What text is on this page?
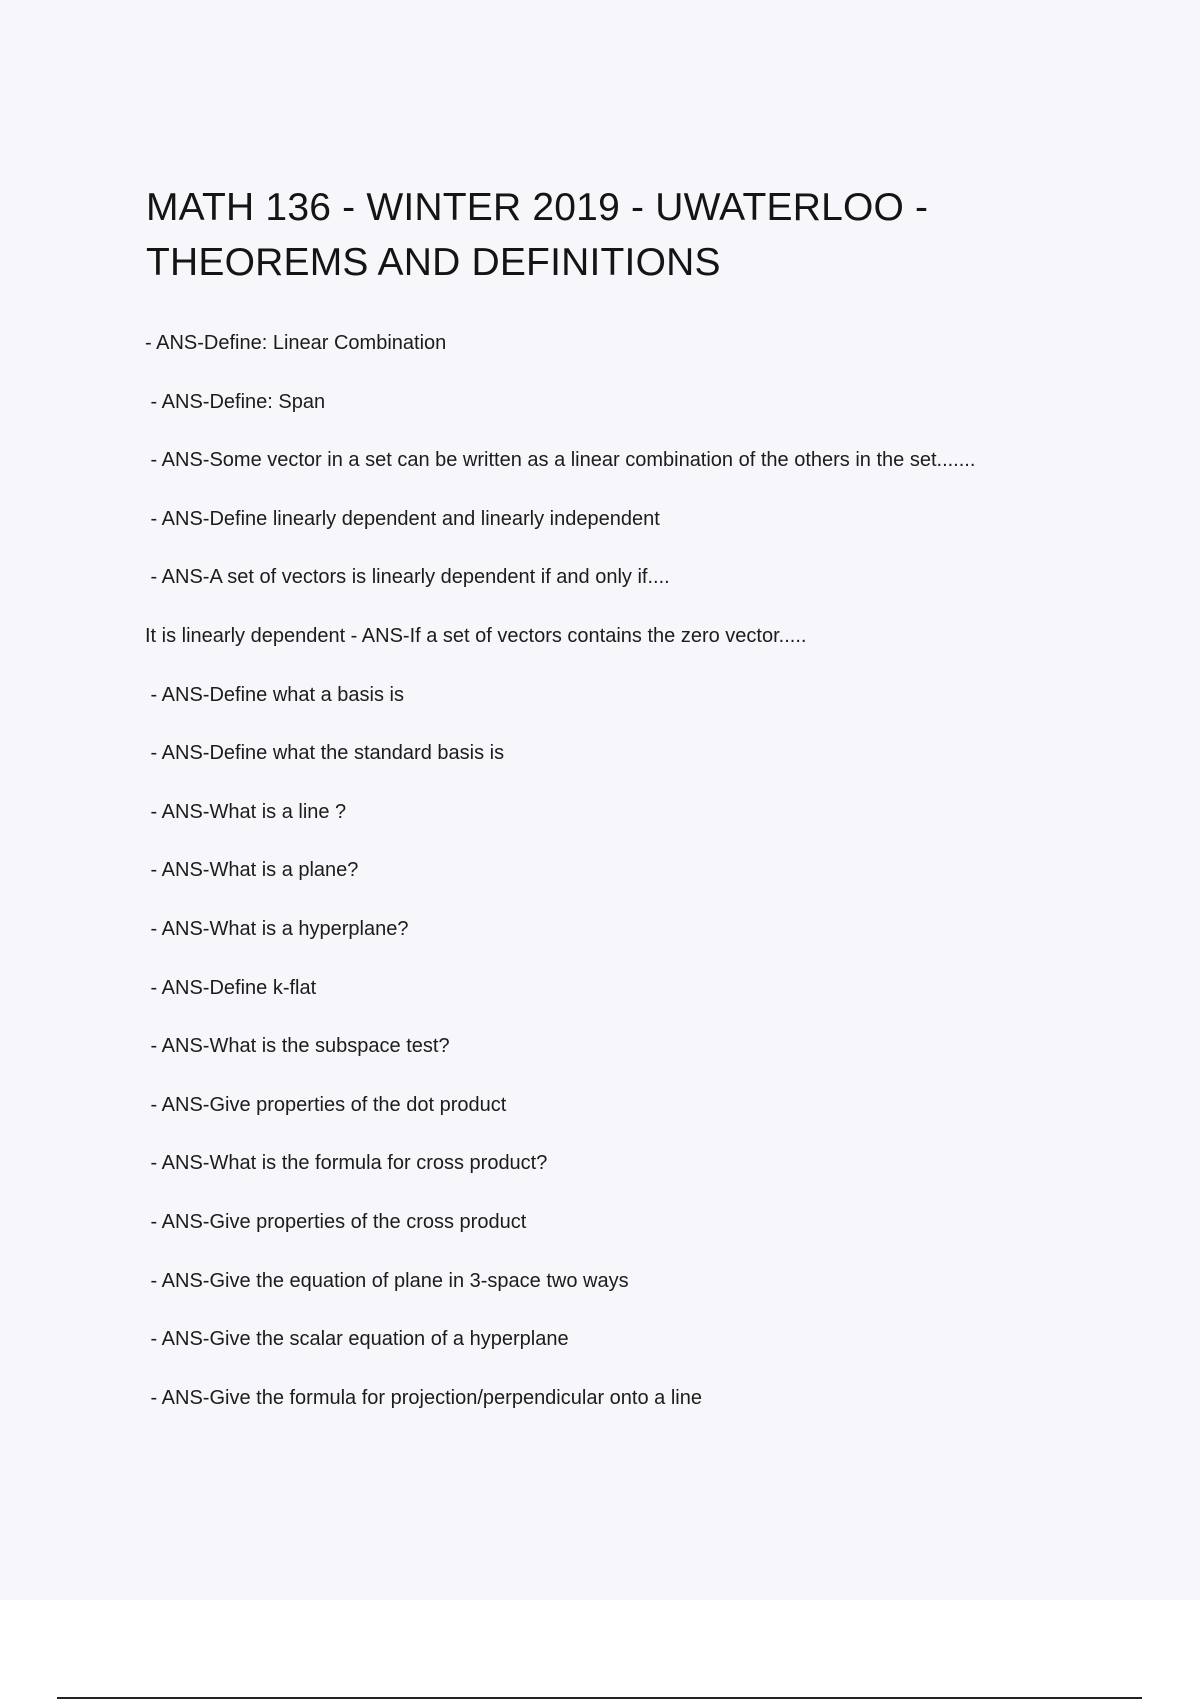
MATH 136 - WINTER 2019 - UWATERLOO -
THEOREMS AND DEFINITIONS
- ANS-Define: Linear Combination
- ANS-Define: Span
- ANS-Some vector in a set can be written as a linear combination of the others in the set.......
- ANS-Define linearly dependent and linearly independent
- ANS-A set of vectors is linearly dependent if and only if....
It is linearly dependent - ANS-If a set of vectors contains the zero vector.....
- ANS-Define what a basis is
- ANS-Define what the standard basis is
- ANS-What is a line ?
- ANS-What is a plane?
- ANS-What is a hyperplane?
- ANS-Define k-flat
- ANS-What is the subspace test?
- ANS-Give properties of the dot product
- ANS-What is the formula for cross product?
- ANS-Give properties of the cross product
- ANS-Give the equation of plane in 3-space two ways
- ANS-Give the scalar equation of a hyperplane
- ANS-Give the formula for projection/perpendicular onto a line
